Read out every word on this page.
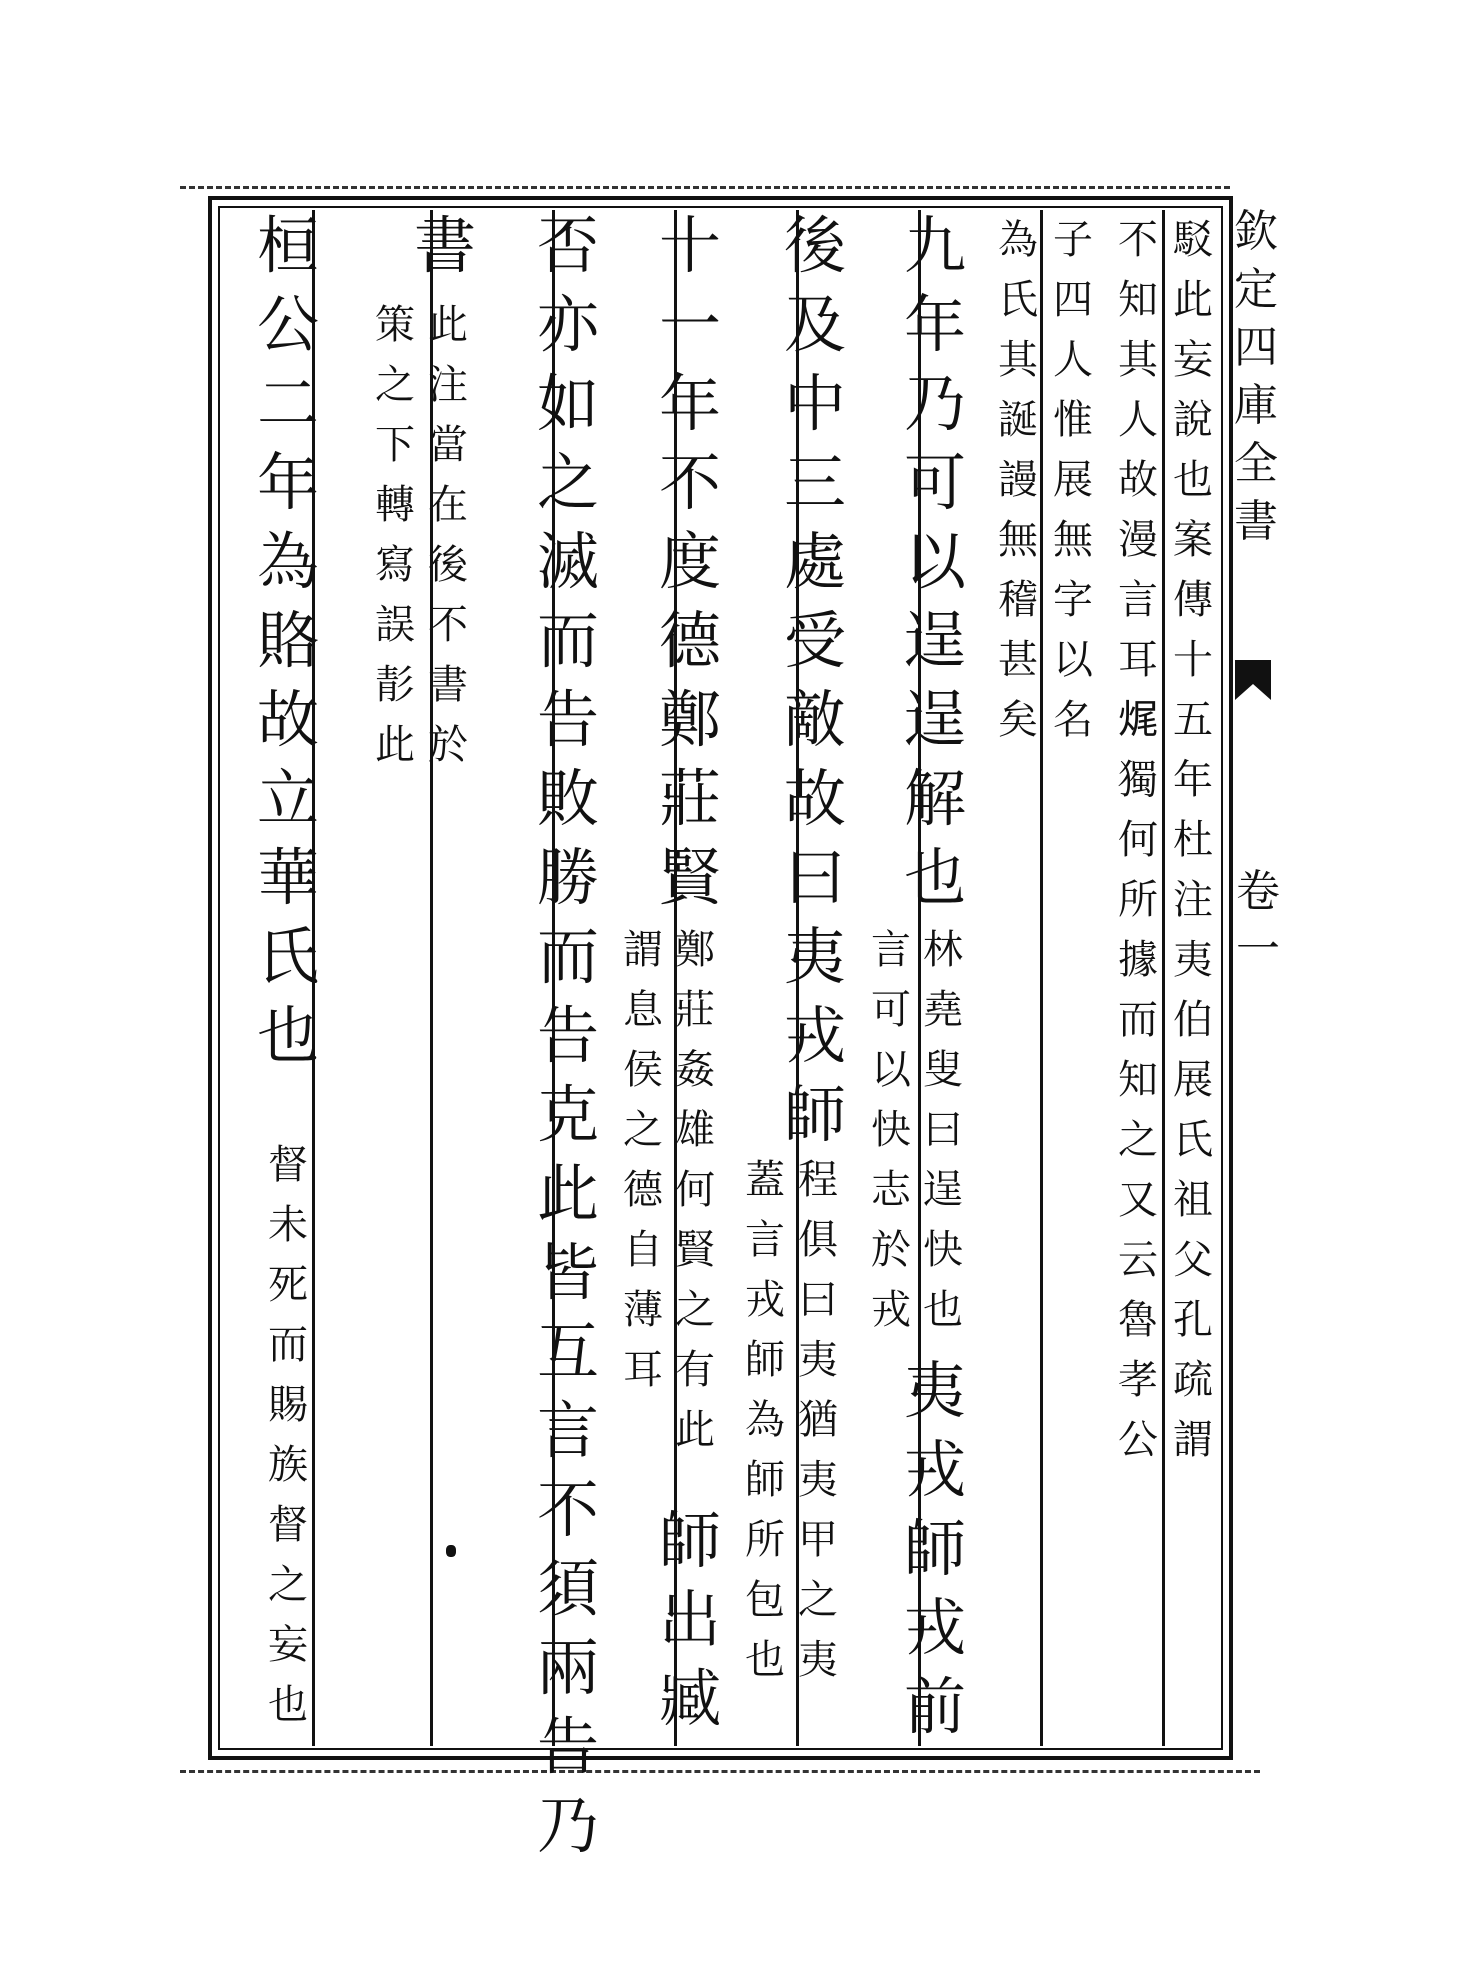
欽
定
四
庫
全
書
卷
一
駁
此
妄
說
也
案
傳
十
五
年
杜
注
夷
伯
展
氏
祖
父
孔
疏
謂
不
知
其
人
故
漫
言
耳
𤈦
獨
何
所
據
而
知
之
又
云
魯
孝
公
子
四
人
惟
展
無
字
以
名
為
氏
其
誕
謾
無
稽
甚
矣
九
年
乃
可
以
逞
逞
解
也
林
堯
叟
曰
逞
快
也
言
可
以
快
志
於
戎
夷
戎
師
戎
前
後
及
中
三
處
受
敵
故
曰
夷
戎
師
程
俱
曰
夷
猶
夷
甲
之
夷
蓋
言
戎
師
為
師
所
包
也
十
一
年
不
度
德
鄭
莊
賢
鄭
莊
姦
雄
何
賢
之
有
此
謂
息
侯
之
德
自
薄
耳
師
出
臧
否
亦
如
之
滅
而
告
敗
勝
而
告
克
此
皆
互
言
不
須
兩
告
乃
書
此
注
當
在
後
不
書
於
策
之
下
轉
寫
誤
𩇕
此
桓
公
二
年
為
賂
故
立
華
氏
也
督
未
死
而
賜
族
督
之
妄
也
